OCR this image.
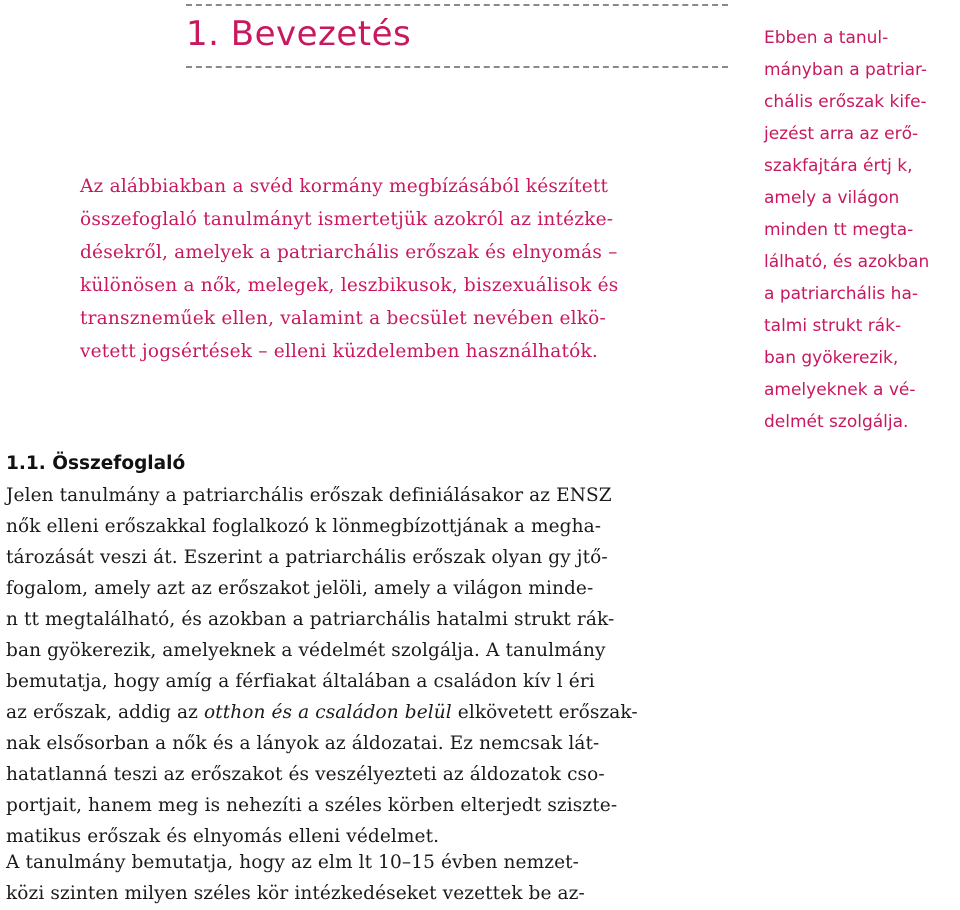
1. Bevezetés
Az alábbiakban a svéd kormány megbízásából készített
összefoglaló tanulmányt ismertetjük azokról az intézke-
désekről, amelyek a patriarchális erőszak és elnyomás –
különösen a nők, melegek, leszbikusok, biszexuálisok és
transzneműek ellen, valamint a becsület nevében elkö-
vetett jogsértések – elleni küzdelemben használhatók.
Ebben a tanul-
mányban a patriar-
chális erőszak kife-
jezést arra az erő-
szakfajtára értj k,
amely a világon
minden tt megta-
lálható, és azokban
a patriarchális ha-
talmi strukt rák-
ban gyökerezik,
amelyeknek a vé-
delmét szolgálja.
1.1. Összefoglaló
Jelen tanulmány a patriarchális erőszak definiálásakor az ENSZ
nők elleni erőszakkal foglalkozó k lönmegbízottjának a megha-
tározását veszi át. Eszerint a patriarchális erőszak olyan gy jtő-
fogalom, amely azt az erőszakot jelöli, amely a világon minde-
n tt megtalálható, és azokban a patriarchális hatalmi strukt rák-
ban gyökerezik, amelyeknek a védelmét szolgálja. A tanulmány
bemutatja, hogy amíg a férfiakat általában a családon kív l éri
az erőszak, addig az otthon és a családon belül elkövetett erőszak-
nak elsősorban a nők és a lányok az áldozatai. Ez nemcsak lát-
hatatlanná teszi az erőszakot és veszélyezteti az áldozatok cso-
portjait, hanem meg is nehezíti a széles körben elterjedt szisztе-
matikus erőszak és elnyomás elleni védelmet.
A tanulmány bemutatja, hogy az elm lt 10–15 évben nemzet-
közi szinten milyen széles kör intézkedéseket vezettek be az-
